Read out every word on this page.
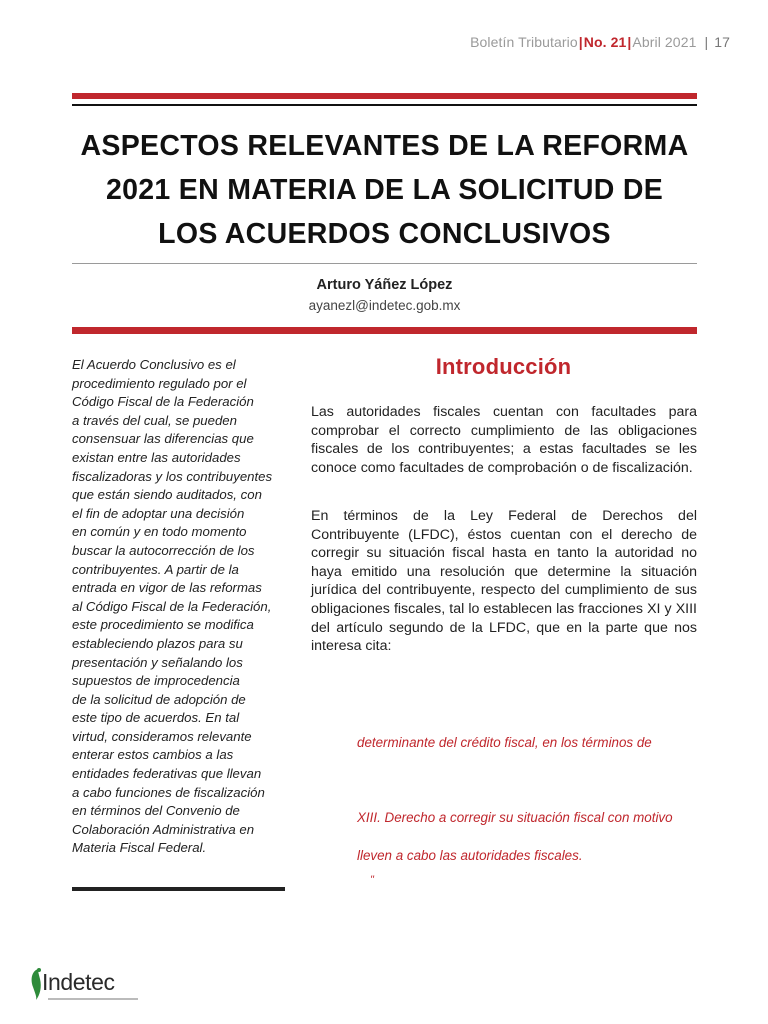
Boletín Tributario|No. 21|Abril 2021 | 17
ASPECTOS RELEVANTES DE LA REFORMA
2021 EN MATERIA DE LA SOLICITUD DE
LOS ACUERDOS CONCLUSIVOS
Arturo Yáñez López
ayanezl@indetec.gob.mx
El Acuerdo Conclusivo es el
procedimiento regulado por el
Código Fiscal de la Federación
a través del cual, se pueden
consensuar las diferencias que
existan entre las autoridades
fiscalizadoras y los contribuyentes
que están siendo auditados, con
el fin de adoptar una decisión
en común y en todo momento
buscar la autocorrección de los
contribuyentes. A partir de la
entrada en vigor de las reformas
al Código Fiscal de la Federación,
este procedimiento se modifica
estableciendo plazos para su
presentación y señalando los
supuestos de improcedencia
de la solicitud de adopción de
este tipo de acuerdos. En tal
virtud, consideramos relevante
enterar estos cambios a las
entidades federativas que llevan
a cabo funciones de fiscalización
en términos del Convenio de
Colaboración Administrativa en
Materia Fiscal Federal.
Introducción

Las autoridades fiscales cuentan con facultades para comprobar el correcto cumplimiento de las obligaciones fiscales de los contribuyentes; a estas facultades se les conoce como facultades de comprobación o de fiscalización.

En términos de la Ley Federal de Derechos del Contribuyente (LFDC), éstos cuentan con el derecho de corregir su situación fiscal hasta en tanto la autoridad no haya emitido una resolución que determine la situación jurídica del contribuyente, respecto del cumplimiento de sus obligaciones fiscales, tal lo establecen las fracciones XI y XIII del artículo segundo de la LFDC, que en la parte que nos interesa cita:

determinante del crédito fiscal, en los términos de
XIII. Derecho a corregir su situación fiscal con motivo
lleven a cabo las autoridades fiscales.
"
Indetec
